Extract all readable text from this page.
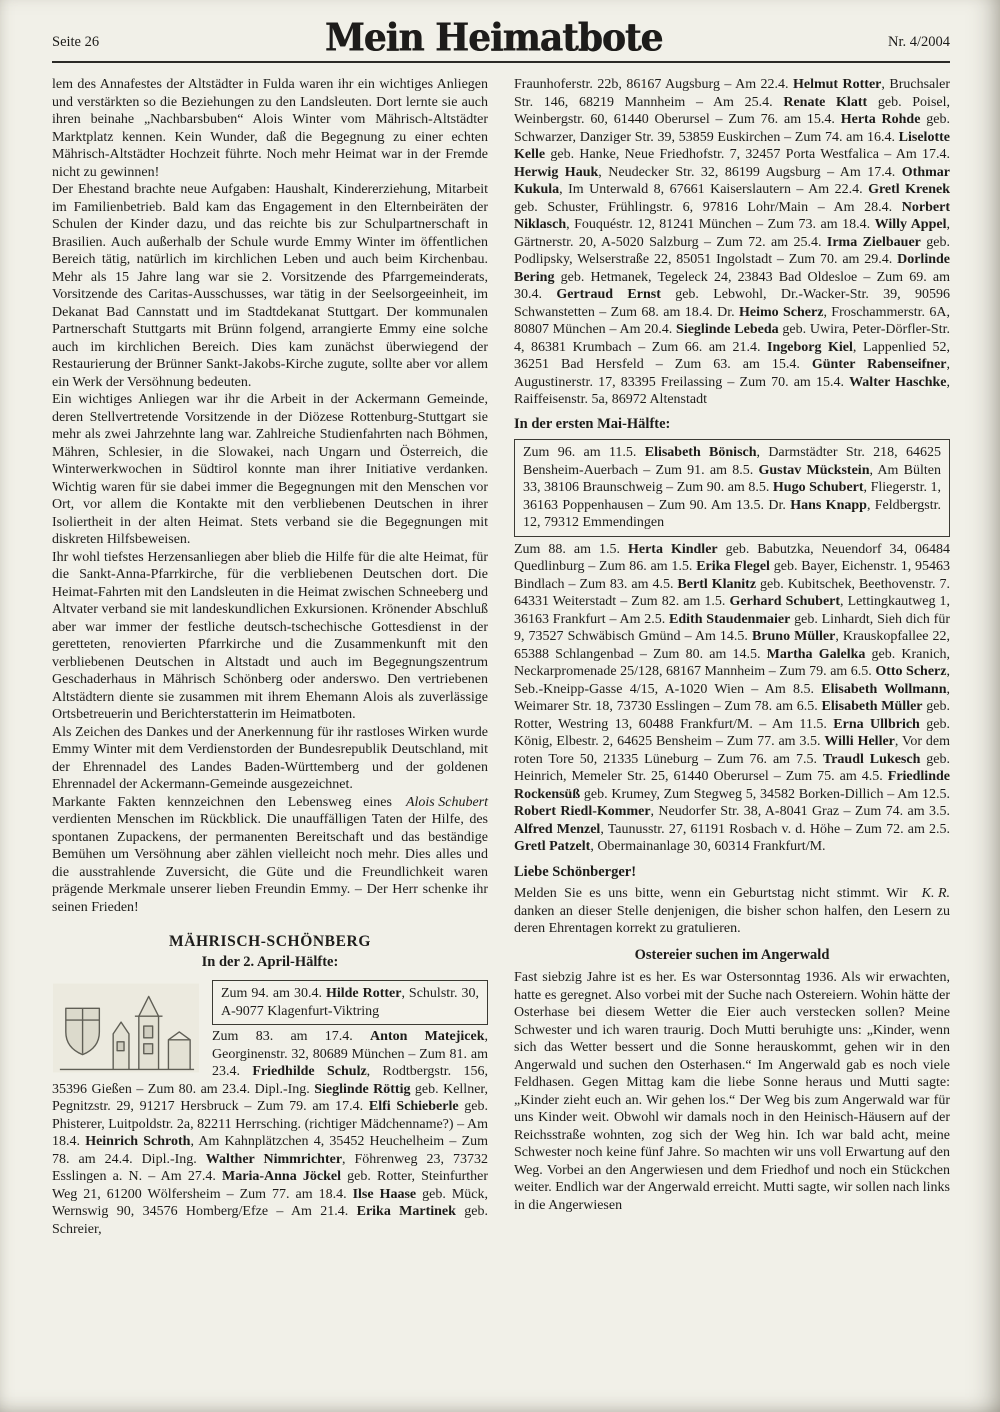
Seite 26	Mein Heimatbote	Nr. 4/2004

lem des Annafestes der Altstädter in Fulda waren ihr ein wichtiges Anliegen und verstärkten so die Beziehungen zu den Landsleuten. Dort lernte sie auch ihren beinahe „Nachbarsbuben“ Alois Winter vom Mährisch-Altstädter Marktplatz kennen. Kein Wunder, daß die Begegnung zu einer echten Mährisch-Altstädter Hochzeit führte. Noch mehr Heimat war in der Fremde nicht zu gewinnen!

Der Ehestand brachte neue Aufgaben: Haushalt, Kindererziehung, Mitarbeit im Familienbetrieb. Bald kam das Engagement in den Elternbeiräten der Schulen der Kinder dazu, und das reichte bis zur Schulpartnerschaft in Brasilien. Auch außerhalb der Schule wurde Emmy Winter im öffentlichen Bereich tätig, natürlich im kirchlichen Leben und auch beim Kirchenbau. Mehr als 15 Jahre lang war sie 2. Vorsitzende des Pfarrgemeinderats, Vorsitzende des Caritas-Ausschusses, war tätig in der Seelsorgeeinheit, im Dekanat Bad Cannstatt und im Stadtdekanat Stuttgart. Der kommunalen Partnerschaft Stuttgarts mit Brünn folgend, arrangierte Emmy eine solche auch im kirchlichen Bereich. Dies kam zunächst überwiegend der Restaurierung der Brünner Sankt-Jakobs-Kirche zugute, sollte aber vor allem ein Werk der Versöhnung bedeuten.

Ein wichtiges Anliegen war ihr die Arbeit in der Ackermann Gemeinde, deren Stellvertretende Vorsitzende in der Diözese Rottenburg-Stuttgart sie mehr als zwei Jahrzehnte lang war. Zahlreiche Studienfahrten nach Böhmen, Mähren, Schlesier, in die Slowakei, nach Ungarn und Österreich, die Winterwerkwochen in Südtirol konnte man ihrer Initiative verdanken. Wichtig waren für sie dabei immer die Begegnungen mit den Menschen vor Ort, vor allem die Kontakte mit den verbliebenen Deutschen in ihrer Isoliertheit in der alten Heimat. Stets verband sie die Begegnungen mit diskreten Hilfsbeweisen.

Ihr wohl tiefstes Herzensanliegen aber blieb die Hilfe für die alte Heimat, für die Sankt-Anna-Pfarrkirche, für die verbliebenen Deutschen dort. Die Heimat-Fahrten mit den Landsleuten in die Heimat zwischen Schneeberg und Altvater verband sie mit landeskundlichen Exkursionen. Krönender Abschluß aber war immer der festliche deutsch-tschechische Gottesdienst in der geretteten, renovierten Pfarrkirche und die Zusammenkunft mit den verbliebenen Deutschen in Altstadt und auch im Begegnungszentrum Geschaderhaus in Mährisch Schönberg oder anderswo. Den vertriebenen Altstädtern diente sie zusammen mit ihrem Ehemann Alois als zuverlässige Ortsbetreuerin und Berichterstatterin im Heimatboten.

Als Zeichen des Dankes und der Anerkennung für ihr rastloses Wirken wurde Emmy Winter mit dem Verdienstorden der Bundesrepublik Deutschland, mit der Ehrennadel des Landes Baden-Württemberg und der goldenen Ehrennadel der Ackermann-Gemeinde ausgezeichnet.

Alois Schubert
Markante Fakten kennzeichnen den Lebensweg eines verdienten Menschen im Rückblick. Die unauffälligen Taten der Hilfe, des spontanen Zupackens, der permanenten Bereitschaft und das beständige Bemühen um Versöhnung aber zählen vielleicht noch mehr. Dies alles und die ausstrahlende Zuversicht, die Güte und die Freundlichkeit waren prägende Merkmale unserer lieben Freundin Emmy. – Der Herr schenke ihr seinen Frieden!

MÄHRISCH-SCHÖNBERG
In der 2. April-Hälfte:

Zum 94. am 30.4. Hilde Rotter, Schulstr. 30, A-9077 Klagenfurt-Viktring

Zum 83. am 17.4. Anton Matejicek, Georginenstr. 32, 80689 München – Zum 81. am 23.4. Friedhilde Schulz, Rodtbergstr. 156, 35396 Gießen – Zum 80. am 23.4. Dipl.-Ing. Sieglinde Röttig geb. Kellner, Pegnitzstr. 29, 91217 Hersbruck – Zum 79. am 17.4. Elfi Schieberle geb. Phisterer, Luitpoldstr. 2a, 82211 Herrsching. (richtiger Mädchenname?) – Am 18.4. Heinrich Schroth, Am Kahnplätzchen 4, 35452 Heuchelheim – Zum 78. am 24.4. Dipl.-Ing. Walther Nimmrichter, Föhrenweg 23, 73732 Esslingen a. N. – Am 27.4. Maria-Anna Jöckel geb. Rotter, Steinfurther Weg 21, 61200 Wölfersheim – Zum 77. am 18.4. Ilse Haase geb. Mück, Wernswig 90, 34576 Homberg/Efze – Am 21.4. Erika Martinek geb. Schreier,

Fraunhoferstr. 22b, 86167 Augsburg – Am 22.4. Helmut Rotter, Bruchsaler Str. 146, 68219 Mannheim – Am 25.4. Renate Klatt geb. Poisel, Weinbergstr. 60, 61440 Oberursel – Zum 76. am 15.4. Herta Rohde geb. Schwarzer, Danziger Str. 39, 53859 Euskirchen – Zum 74. am 16.4. Liselotte Kelle geb. Hanke, Neue Friedhofstr. 7, 32457 Porta Westfalica – Am 17.4. Herwig Hauk, Neudecker Str. 32, 86199 Augsburg – Am 17.4. Othmar Kukula, Im Unterwald 8, 67661 Kaiserslautern – Am 22.4. Gretl Krenek geb. Schuster, Frühlingstr. 6, 97816 Lohr/Main – Am 28.4. Norbert Niklasch, Fouquéstr. 12, 81241 München – Zum 73. am 18.4. Willy Appel, Gärtnerstr. 20, A-5020 Salzburg – Zum 72. am 25.4. Irma Zielbauer geb. Podlipsky, Welserstraße 22, 85051 Ingolstadt – Zum 70. am 29.4. Dorlinde Bering geb. Hetmanek, Tegeleck 24, 23843 Bad Oldesloe – Zum 69. am 30.4. Gertraud Ernst geb. Lebwohl, Dr.-Wacker-Str. 39, 90596 Schwanstetten – Zum 68. am 18.4. Dr. Heimo Scherz, Froschammerstr. 6A, 80807 München – Am 20.4. Sieglinde Lebeda geb. Uwira, Peter-Dörfler-Str. 4, 86381 Krumbach – Zum 66. am 21.4. Ingeborg Kiel, Lappenlied 52, 36251 Bad Hersfeld – Zum 63. am 15.4. Günter Rabenseifner, Augustinerstr. 17, 83395 Freilassing – Zum 70. am 15.4. Walter Haschke, Raiffeisenstr. 5a, 86972 Altenstadt

In der ersten Mai-Hälfte:

Zum 96. am 11.5. Elisabeth Bönisch, Darmstädter Str. 218, 64625 Bensheim-Auerbach – Zum 91. am 8.5. Gustav Mückstein, Am Bülten 33, 38106 Braunschweig – Zum 90. am 8.5. Hugo Schubert, Fliegerstr. 1, 36163 Poppenhausen – Zum 90. Am 13.5. Dr. Hans Knapp, Feldbergstr. 12, 79312 Emmendingen

Zum 88. am 1.5. Herta Kindler geb. Babutzka, Neuendorf 34, 06484 Quedlinburg – Zum 86. am 1.5. Erika Flegel geb. Bayer, Eichenstr. 1, 95463 Bindlach – Zum 83. am 4.5. Bertl Klanitz geb. Kubitschek, Beethovenstr. 7. 64331 Weiterstadt – Zum 82. am 1.5. Gerhard Schubert, Lettingkautweg 1, 36163 Frankfurt – Am 2.5. Edith Staudenmaier geb. Linhardt, Sieh dich für 9, 73527 Schwäbisch Gmünd – Am 14.5. Bruno Müller, Krauskopfallee 22, 65388 Schlangenbad – Zum 80. am 14.5. Martha Galelka geb. Kranich, Neckarpromenade 25/128, 68167 Mannheim – Zum 79. am 6.5. Otto Scherz, Seb.-Kneipp-Gasse 4/15, A-1020 Wien – Am 8.5. Elisabeth Wollmann, Weimarer Str. 18, 73730 Esslingen – Zum 78. am 6.5. Elisabeth Müller geb. Rotter, Westring 13, 60488 Frankfurt/M. – Am 11.5. Erna Ullbrich geb. König, Elbestr. 2, 64625 Bensheim – Zum 77. am 3.5. Willi Heller, Vor dem roten Tore 50, 21335 Lüneburg – Zum 76. am 7.5. Traudl Lukesch geb. Heinrich, Memeler Str. 25, 61440 Oberursel – Zum 75. am 4.5. Friedlinde Rockensüß geb. Krumey, Zum Stegweg 5, 34582 Borken-Dillich – Am 12.5. Robert Riedl-Kommer, Neudorfer Str. 38, A-8041 Graz – Zum 74. am 3.5. Alfred Menzel, Taunusstr. 27, 61191 Rosbach v. d. Höhe – Zum 72. am 2.5. Gretl Patzelt, Obermainanlage 30, 60314 Frankfurt/M.

Liebe Schönberger!

K. R.
Melden Sie es uns bitte, wenn ein Geburtstag nicht stimmt. Wir danken an dieser Stelle denjenigen, die bisher schon halfen, den Lesern zu deren Ehrentagen korrekt zu gratulieren.

Ostereier suchen im Angerwald

Fast siebzig Jahre ist es her. Es war Ostersonntag 1936. Als wir erwachten, hatte es geregnet. Also vorbei mit der Suche nach Ostereiern. Wohin hätte der Osterhase bei diesem Wetter die Eier auch verstecken sollen? Meine Schwester und ich waren traurig. Doch Mutti beruhigte uns: „Kinder, wenn sich das Wetter bessert und die Sonne herauskommt, gehen wir in den Angerwald und suchen den Osterhasen.“ Im Angerwald gab es noch viele Feldhasen. Gegen Mittag kam die liebe Sonne heraus und Mutti sagte: „Kinder zieht euch an. Wir gehen los.“ Der Weg bis zum Angerwald war für uns Kinder weit. Obwohl wir damals noch in den Heinisch-Häusern auf der Reichsstraße wohnten, zog sich der Weg hin. Ich war bald acht, meine Schwester noch keine fünf Jahre. So machten wir uns voll Erwartung auf den Weg. Vorbei an den Angerwiesen und dem Friedhof und noch ein Stückchen weiter. Endlich war der Angerwald erreicht. Mutti sagte, wir sollen nach links in die Angerwiesen
